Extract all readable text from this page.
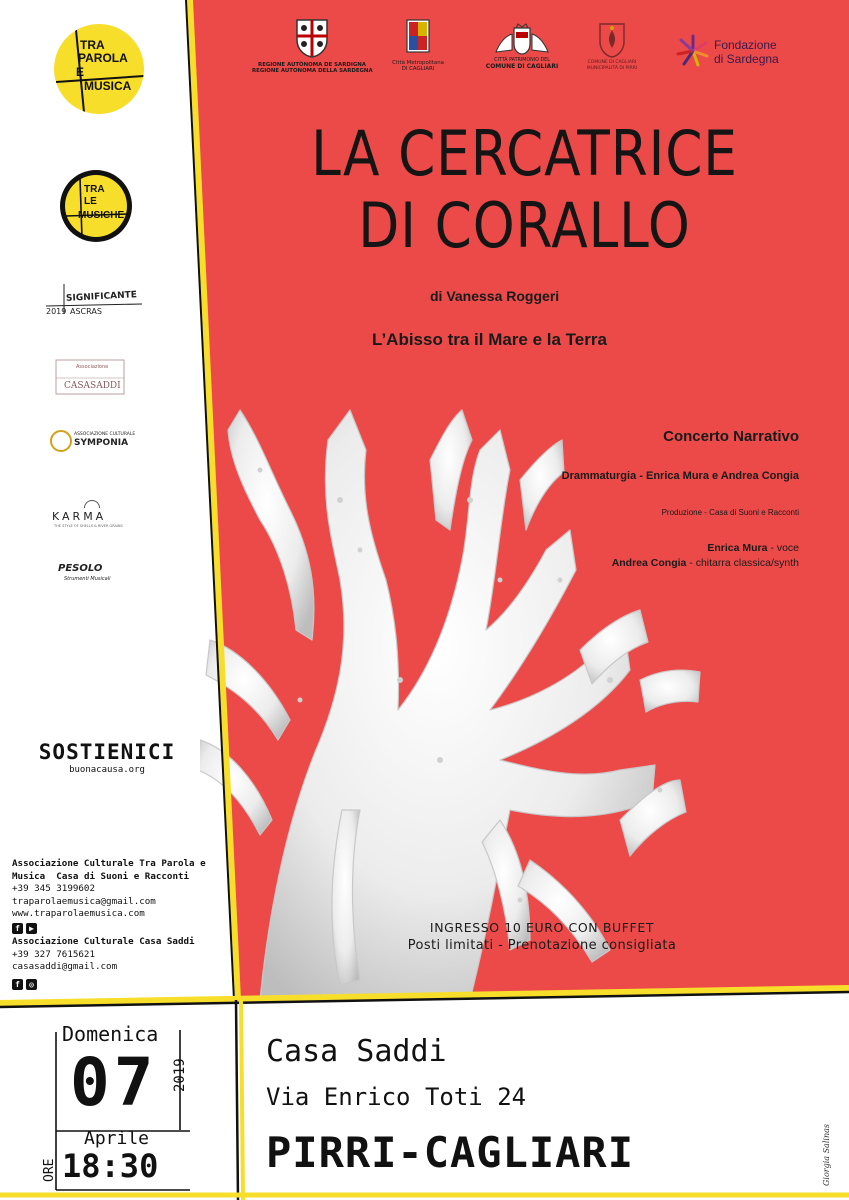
TRA
PAROLA
E
MUSICA
TRA
LE
MUSICHE
SIGNIFICANTE
2019 ASCRAS
Associazione
CASASADDI
ASSOCIAZIONE CULTURALE
SYMPONIA
KARMA
THE STYLE OF SHELLS & RIVER GRAINS
PESOLO
Strumenti Musicali
SOSTIENICI
buonacausa.org
Associazione Culturale Tra Parola e
Musica Casa di Suoni e Racconti
+39 345 3199602
traparolaemusica@gmail.com
www.traparolaemusica.com
f	▶
Associazione Culturale Casa Saddi
+39 327 7615621
casasaddi@gmail.com
f	◎
REGIONE AUTÒNOMA DE SARDIGNA
REGIONE AUTONOMA DELLA SARDEGNA
Città Metropolitana
DI CAGLIARI
CITTÀ PATRIMONIO DEL
COMUNE DI CAGLIARI
COMUNE DI CAGLIARI
MUNICIPALITÀ DI PIRRI
Fondazione
di Sardegna
LA CERCATRICE
DI CORALLO
di Vanessa Roggeri
L’Abisso tra il Mare e la Terra
Concerto Narrativo
Drammaturgia - Enrica Mura e Andrea Congia
Produzione - Casa di Suoni e Racconti
Enrica Mura - voce
Andrea Congia - chitarra classica/synth
INGRESSO 10 EURO CON BUFFET
Posti limitati - Prenotazione consigliata
Domenica
07 2019
Aprile
ORE 18:30
Casa Saddi
Via Enrico Toti 24
PIRRI-CAGLIARI	Giorgia Salinas
